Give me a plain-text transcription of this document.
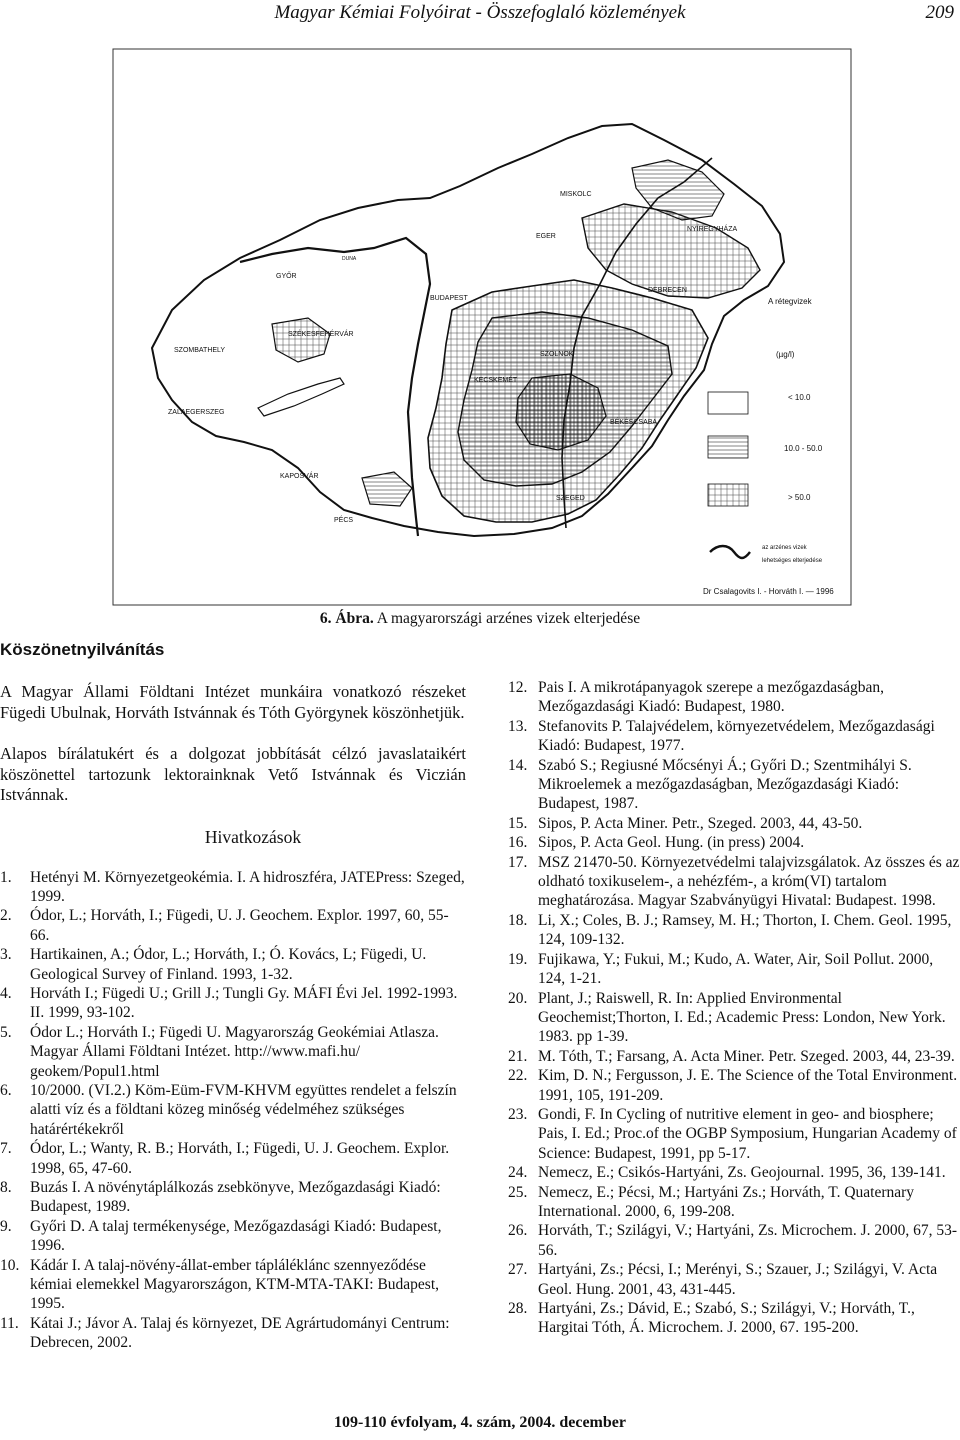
Magyar Kémiai Folyóirat - Összefoglaló közlemények	209
MISKOLC
EGER
NYÍREGYHÁZA
DUNA
GYŐR
BUDAPEST
DEBRECEN
SZÉKESFEHÉRVÁR
SZOMBATHELY
SZOLNOK
KECSKEMÉT
ZALAEGERSZEG
BÉKÉSCSABA
KAPOSVÁR
SZEGED
PÉCS
A rétegvizek
(µg/l)
< 10.0
10.0 - 50.0
> 50.0
az arzénes vizek
lehetséges elterjedése
Dr Csalagovits I. - Horváth I. — 1996
6. Ábra. A magyarországi arzénes vizek elterjedése
Köszönetnyilvánítás

A Magyar Állami Földtani Intézet munkáira vonatkozó részeket Fügedi Ubulnak, Horváth Istvánnak és Tóth Györgynek köszönhetjük.

Alapos bírálatukért és a dolgozat jobbítását célzó javaslataikért köszönettel tartozunk lektorainknak Vető Istvánnak és Viczián Istvánnak.

Hivatkozások
1.	Hetényi M. Környezetgeokémia. I. A hidroszféra, JATEPress: Szeged, 1999.
2.	Ódor, L.; Horváth, I.; Fügedi, U. J. Geochem. Explor. 1997, 60, 55-66.
3.	Hartikainen, A.; Ódor, L.; Horváth, I.; Ó. Kovács, L; Fügedi, U. Geological Survey of Finland. 1993, 1-32.
4.	Horváth I.; Fügedi U.; Grill J.; Tungli Gy. MÁFI Évi Jel. 1992-1993. II. 1999, 93-102.
5.	Ódor L.; Horváth I.; Fügedi U. Magyarország Geokémiai Atlasza. Magyar Állami Földtani Intézet. http://www.mafi.hu/ geokem/Popul1.html
6.	10/2000. (VI.2.) Köm-Eüm-FVM-KHVM együttes rendelet a felszín alatti víz és a földtani közeg minőség védelméhez szükséges határértékekről
7.	Ódor, L.; Wanty, R. B.; Horváth, I.; Fügedi, U. J. Geochem. Explor. 1998, 65, 47-60.
8.	Buzás I. A növénytáplálkozás zsebkönyve, Mezőgazdasági Kiadó: Budapest, 1989.
9.	Győri D. A talaj termékenysége, Mezőgazdasági Kiadó: Budapest, 1996.
10. Kádár I. A talaj-növény-állat-ember tápláléklánc szennyeződése kémiai elemekkel Magyarországon, KTM-MTA-TAKI: Budapest, 1995.
11. Kátai J.; Jávor A. Talaj és környezet, DE Agrártudományi Centrum: Debrecen, 2002.
12. Pais I. A mikrotápanyagok szerepe a mezőgazdaságban, Mezőgazdasági Kiadó: Budapest, 1980.
13. Stefanovits P. Talajvédelem, környezetvédelem, Mezőgazdasági Kiadó: Budapest, 1977.
14. Szabó S.; Regiusné Mőcsényi Á.; Győri D.; Szentmihályi S. Mikroelemek a mezőgazdaságban, Mezőgazdasági Kiadó: Budapest, 1987.
15. Sipos, P. Acta Miner. Petr., Szeged. 2003, 44, 43-50.
16. Sipos, P. Acta Geol. Hung. (in press) 2004.
17. MSZ 21470-50. Környezetvédelmi talajvizsgálatok. Az összes és az oldható toxikuselem-, a nehézfém-, a króm(VI) tartalom meghatározása. Magyar Szabványügyi Hivatal: Budapest. 1998.
18. Li, X.; Coles, B. J.; Ramsey, M. H.; Thorton, I. Chem. Geol. 1995, 124, 109-132.
19. Fujikawa, Y.; Fukui, M.; Kudo, A. Water, Air, Soil Pollut. 2000, 124, 1-21.
20. Plant, J.; Raiswell, R. In: Applied Environmental Geochemist;Thorton, I. Ed.; Academic Press: London, New York. 1983. pp 1-39.
21. M. Tóth, T.; Farsang, A. Acta Miner. Petr. Szeged. 2003, 44, 23-39.
22. Kim, D. N.; Fergusson, J. E. The Science of the Total Environment. 1991, 105, 191-209.
23. Gondi, F. In Cycling of nutritive element in geo- and biosphere; Pais, I. Ed.; Proc.of the OGBP Symposium, Hungarian Academy of Science: Budapest, 1991, pp 5-17.
24. Nemecz, E.; Csikós-Hartyáni, Zs. Geojournal. 1995, 36, 139-141.
25. Nemecz, E.; Pécsi, M.; Hartyáni Zs.; Horváth, T. Quaternary International. 2000, 6, 199-208.
26. Horváth, T.; Szilágyi, V.; Hartyáni, Zs. Microchem. J. 2000, 67, 53-56.
27. Hartyáni, Zs.; Pécsi, I.; Merényi, S.; Szauer, J.; Szilágyi, V. Acta Geol. Hung. 2001, 43, 431-445.
28. Hartyáni, Zs.; Dávid, E.; Szabó, S.; Szilágyi, V.; Horváth, T., Hargitai Tóth, Á. Microchem. J. 2000, 67. 195-200.
109-110 évfolyam, 4. szám, 2004. december
